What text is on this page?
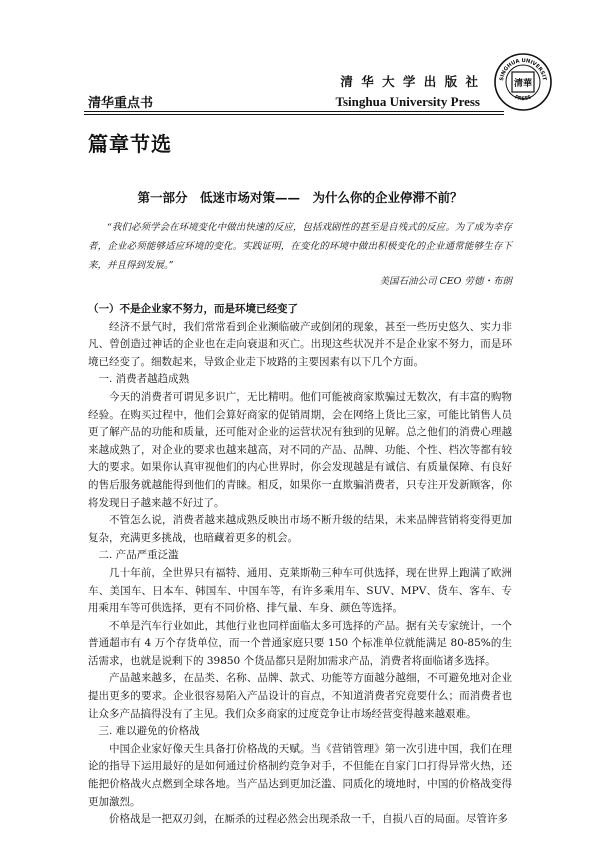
清华重点书
清 华 大 学 出 版 社
Tsinghua University Press
SINGHUA UNIVERSIT
PRESS
清華
篇章节选
第一部分　低迷市场对策——　为什么你的企业停滞不前？
“我们必须学会在环境变化中做出快速的反应，包括戏剧性的甚至是自残式的反应。为了成为幸存者，企业必须能够适应环境的变化。实践证明，在变化的环境中做出积极变化的企业通常能够生存下来，并且得到发展。”
美国石油公司 CEO 劳德・布朗

（一）不是企业家不努力，而是环境已经变了

经济不景气时，我们常常看到企业濒临破产或倒闭的现象，甚至一些历史悠久、实力非凡、曾创造过神话的企业也在走向衰退和灭亡。出现这些状况并不是企业家不努力，而是环境已经变了。细数起来，导致企业走下坡路的主要因素有以下几个方面。

一. 消费者越趋成熟

今天的消费者可谓见多识广，无比精明。他们可能被商家欺骗过无数次，有丰富的购物经验。在购买过程中，他们会算好商家的促销周期，会在网络上货比三家，可能比销售人员更了解产品的功能和质量，还可能对企业的运营状况有独到的见解。总之他们的消费心理越来越成熟了，对企业的要求也越来越高，对不同的产品、品牌、功能、个性、档次等都有较大的要求。如果你认真审视他们的内心世界时，你会发现越是有诚信、有质量保障、有良好的售后服务就越能得到他们的青睐。相反，如果你一直欺骗消费者，只专注开发新顾客，你将发现日子越来越不好过了。

不管怎么说，消费者越来越成熟反映出市场不断升级的结果，未来品牌营销将变得更加复杂，充满更多挑战，也暗藏着更多的机会。

二. 产品严重泛滥

几十年前，全世界只有福特、通用、克莱斯勒三种车可供选择，现在世界上跑满了欧洲车、美国车、日本车、韩国车、中国车等，有许多乘用车、SUV、MPV、货车、客车、专用乘用车等可供选择，更有不同价格、排气量、车身、颜色等选择。

不单是汽车行业如此，其他行业也同样面临太多可选择的产品。据有关专家统计，一个普通超市有 4 万个存货单位，而一个普通家庭只要 150 个标准单位就能满足 80-85%的生活需求，也就是说剩下的 39850 个货品都只是附加需求产品，消费者将面临诸多选择。

产品越来越多，在品类、名称、品牌、款式、功能等方面越分越细，不可避免地对企业提出更多的要求。企业很容易陷入产品设计的盲点，不知道消费者究竟要什么；而消费者也让众多产品搞得没有了主见。我们众多商家的过度竞争让市场经营变得越来越艰难。

三. 难以避免的价格战

中国企业家好像天生具备打价格战的天赋。当《营销管理》第一次引进中国，我们在理论的指导下运用最好的是如何通过价格制约竞争对手，不但能在自家门口打得异常火热，还能把价格战火点燃到全球各地。当产品达到更加泛滥、同质化的境地时，中国的价格战变得更加激烈。

价格战是一把双刃剑，在厮杀的过程必然会出现杀敌一千，自损八百的局面。尽管许多
